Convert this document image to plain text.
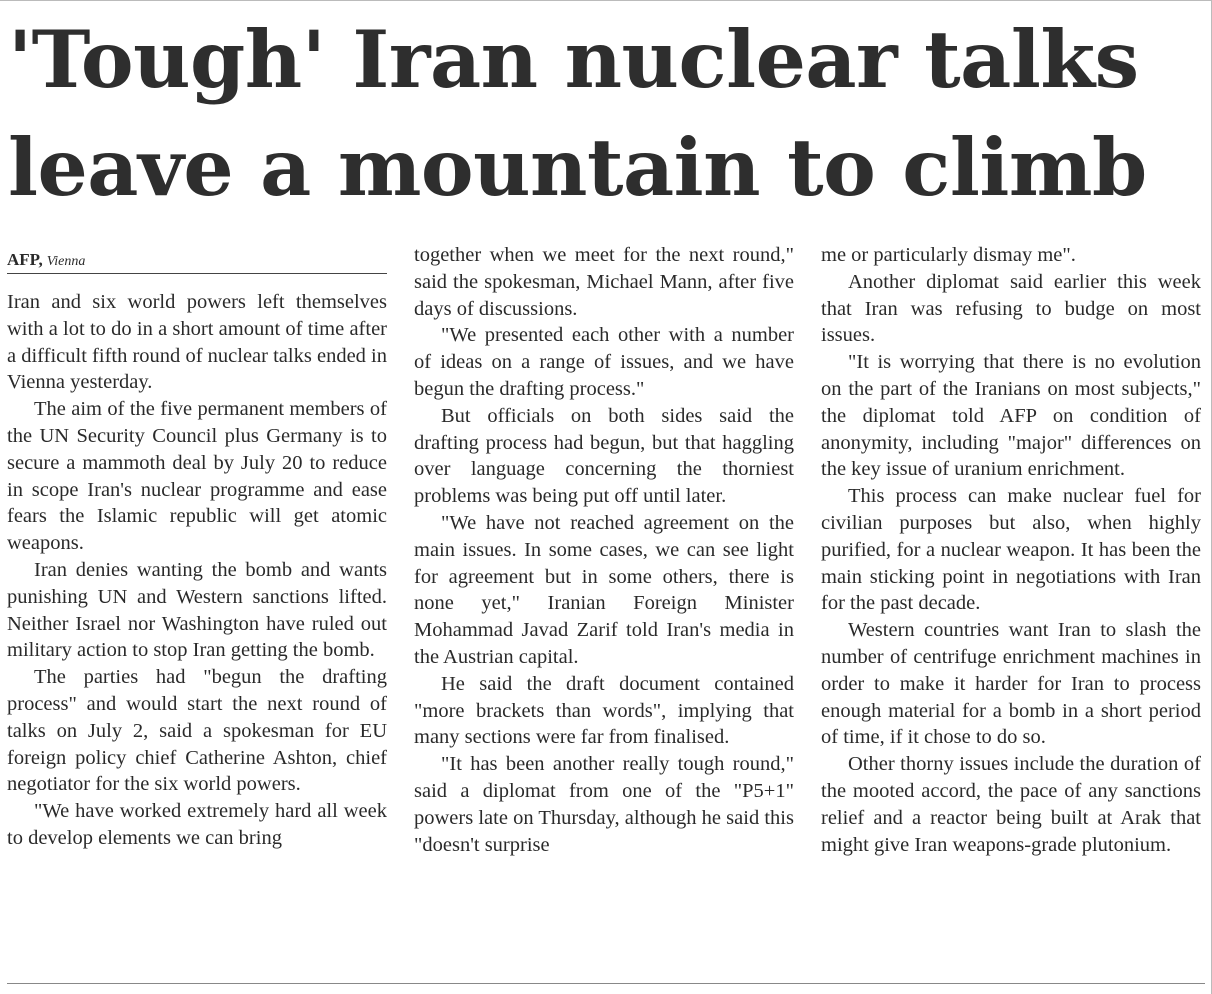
'Tough' Iran nuclear talks
leave a mountain to climb
AFP, Vienna

Iran and six world powers left themselves with a lot to do in a short amount of time after a difficult fifth round of nuclear talks ended in Vienna yesterday.

The aim of the five permanent members of the UN Security Council plus Germany is to secure a mammoth deal by July 20 to reduce in scope Iran's nuclear programme and ease fears the Islamic republic will get atomic weapons.

Iran denies wanting the bomb and wants punishing UN and Western sanctions lifted. Neither Israel nor Washington have ruled out military action to stop Iran getting the bomb.

The parties had "begun the drafting process" and would start the next round of talks on July 2, said a spokesman for EU foreign policy chief Catherine Ashton, chief negotiator for the six world powers.

"We have worked extremely hard all week to develop elements we can bring

together when we meet for the next round," said the spokesman, Michael Mann, after five days of discussions.

"We presented each other with a number of ideas on a range of issues, and we have begun the drafting process."

But officials on both sides said the drafting process had begun, but that haggling over language concerning the thorniest problems was being put off until later.

"We have not reached agreement on the main issues. In some cases, we can see light for agreement but in some others, there is none yet," Iranian Foreign Minister Mohammad Javad Zarif told Iran's media in the Austrian capital.

He said the draft document contained "more brackets than words", implying that many sections were far from finalised.

"It has been another really tough round," said a diplomat from one of the "P5+1" powers late on Thursday, although he said this "doesn't surprise

me or particularly dismay me".

Another diplomat said earlier this week that Iran was refusing to budge on most issues.

"It is worrying that there is no evolution on the part of the Iranians on most subjects," the diplomat told AFP on condition of anonymity, including "major" differences on the key issue of uranium enrichment.

This process can make nuclear fuel for civilian purposes but also, when highly purified, for a nuclear weapon. It has been the main sticking point in negotiations with Iran for the past decade.

Western countries want Iran to slash the number of centrifuge enrichment machines in order to make it harder for Iran to process enough material for a bomb in a short period of time, if it chose to do so.

Other thorny issues include the duration of the mooted accord, the pace of any sanctions relief and a reactor being built at Arak that might give Iran weapons-grade plutonium.
